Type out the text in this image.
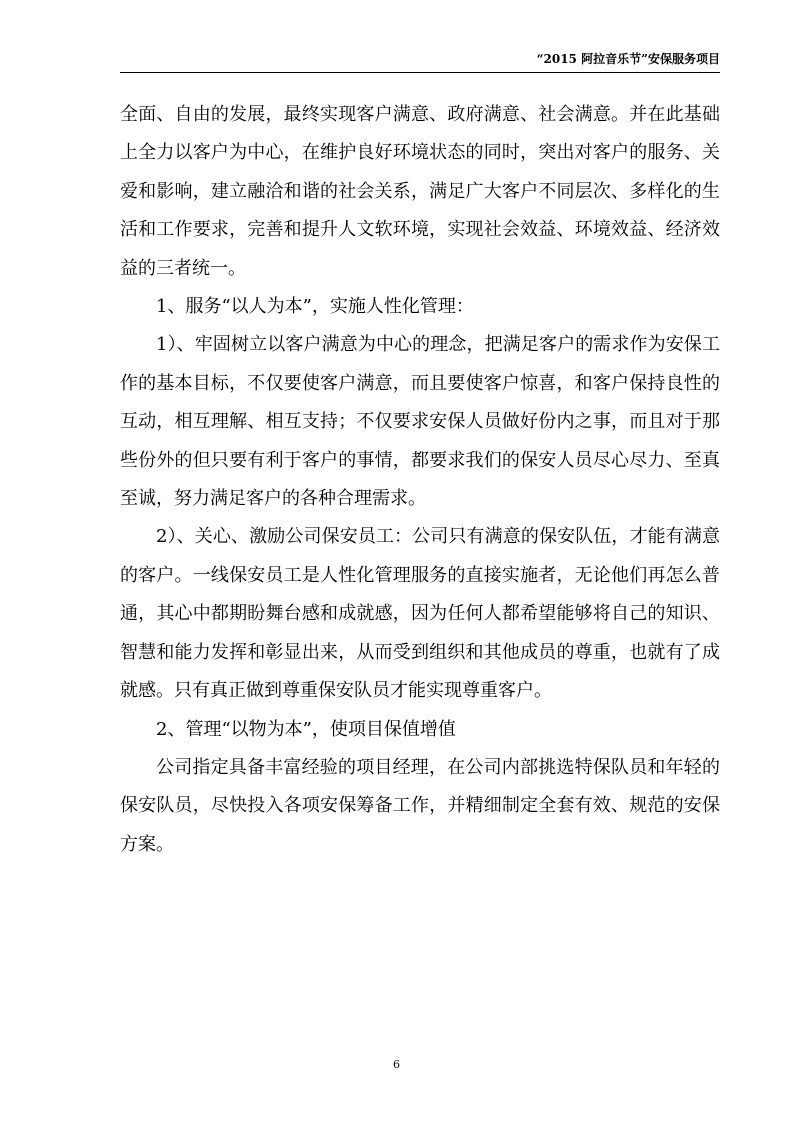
“2015 阿拉音乐节”安保服务项目

全面、自由的发展，最终实现客户满意、政府满意、社会满意。并在此基础上全力以客户为中心，在维护良好环境状态的同时，突出对客户的服务、关爱和影响，建立融洽和谐的社会关系，满足广大客户不同层次、多样化的生活和工作要求，完善和提升人文软环境，实现社会效益、环境效益、经济效益的三者统一。

1、服务“以人为本”，实施人性化管理：

1）、牢固树立以客户满意为中心的理念，把满足客户的需求作为安保工作的基本目标，不仅要使客户满意，而且要使客户惊喜，和客户保持良性的互动，相互理解、相互支持；不仅要求安保人员做好份内之事，而且对于那些份外的但只要有利于客户的事情，都要求我们的保安人员尽心尽力、至真至诚，努力满足客户的各种合理需求。

2）、关心、激励公司保安员工：公司只有满意的保安队伍，才能有满意的客户。一线保安员工是人性化管理服务的直接实施者，无论他们再怎么普通，其心中都期盼舞台感和成就感，因为任何人都希望能够将自己的知识、智慧和能力发挥和彰显出来，从而受到组织和其他成员的尊重，也就有了成就感。只有真正做到尊重保安队员才能实现尊重客户。

2、管理“以物为本”，使项目保值增值

公司指定具备丰富经验的项目经理，在公司内部挑选特保队员和年轻的保安队员，尽快投入各项安保筹备工作，并精细制定全套有效、规范的安保方案。

6
